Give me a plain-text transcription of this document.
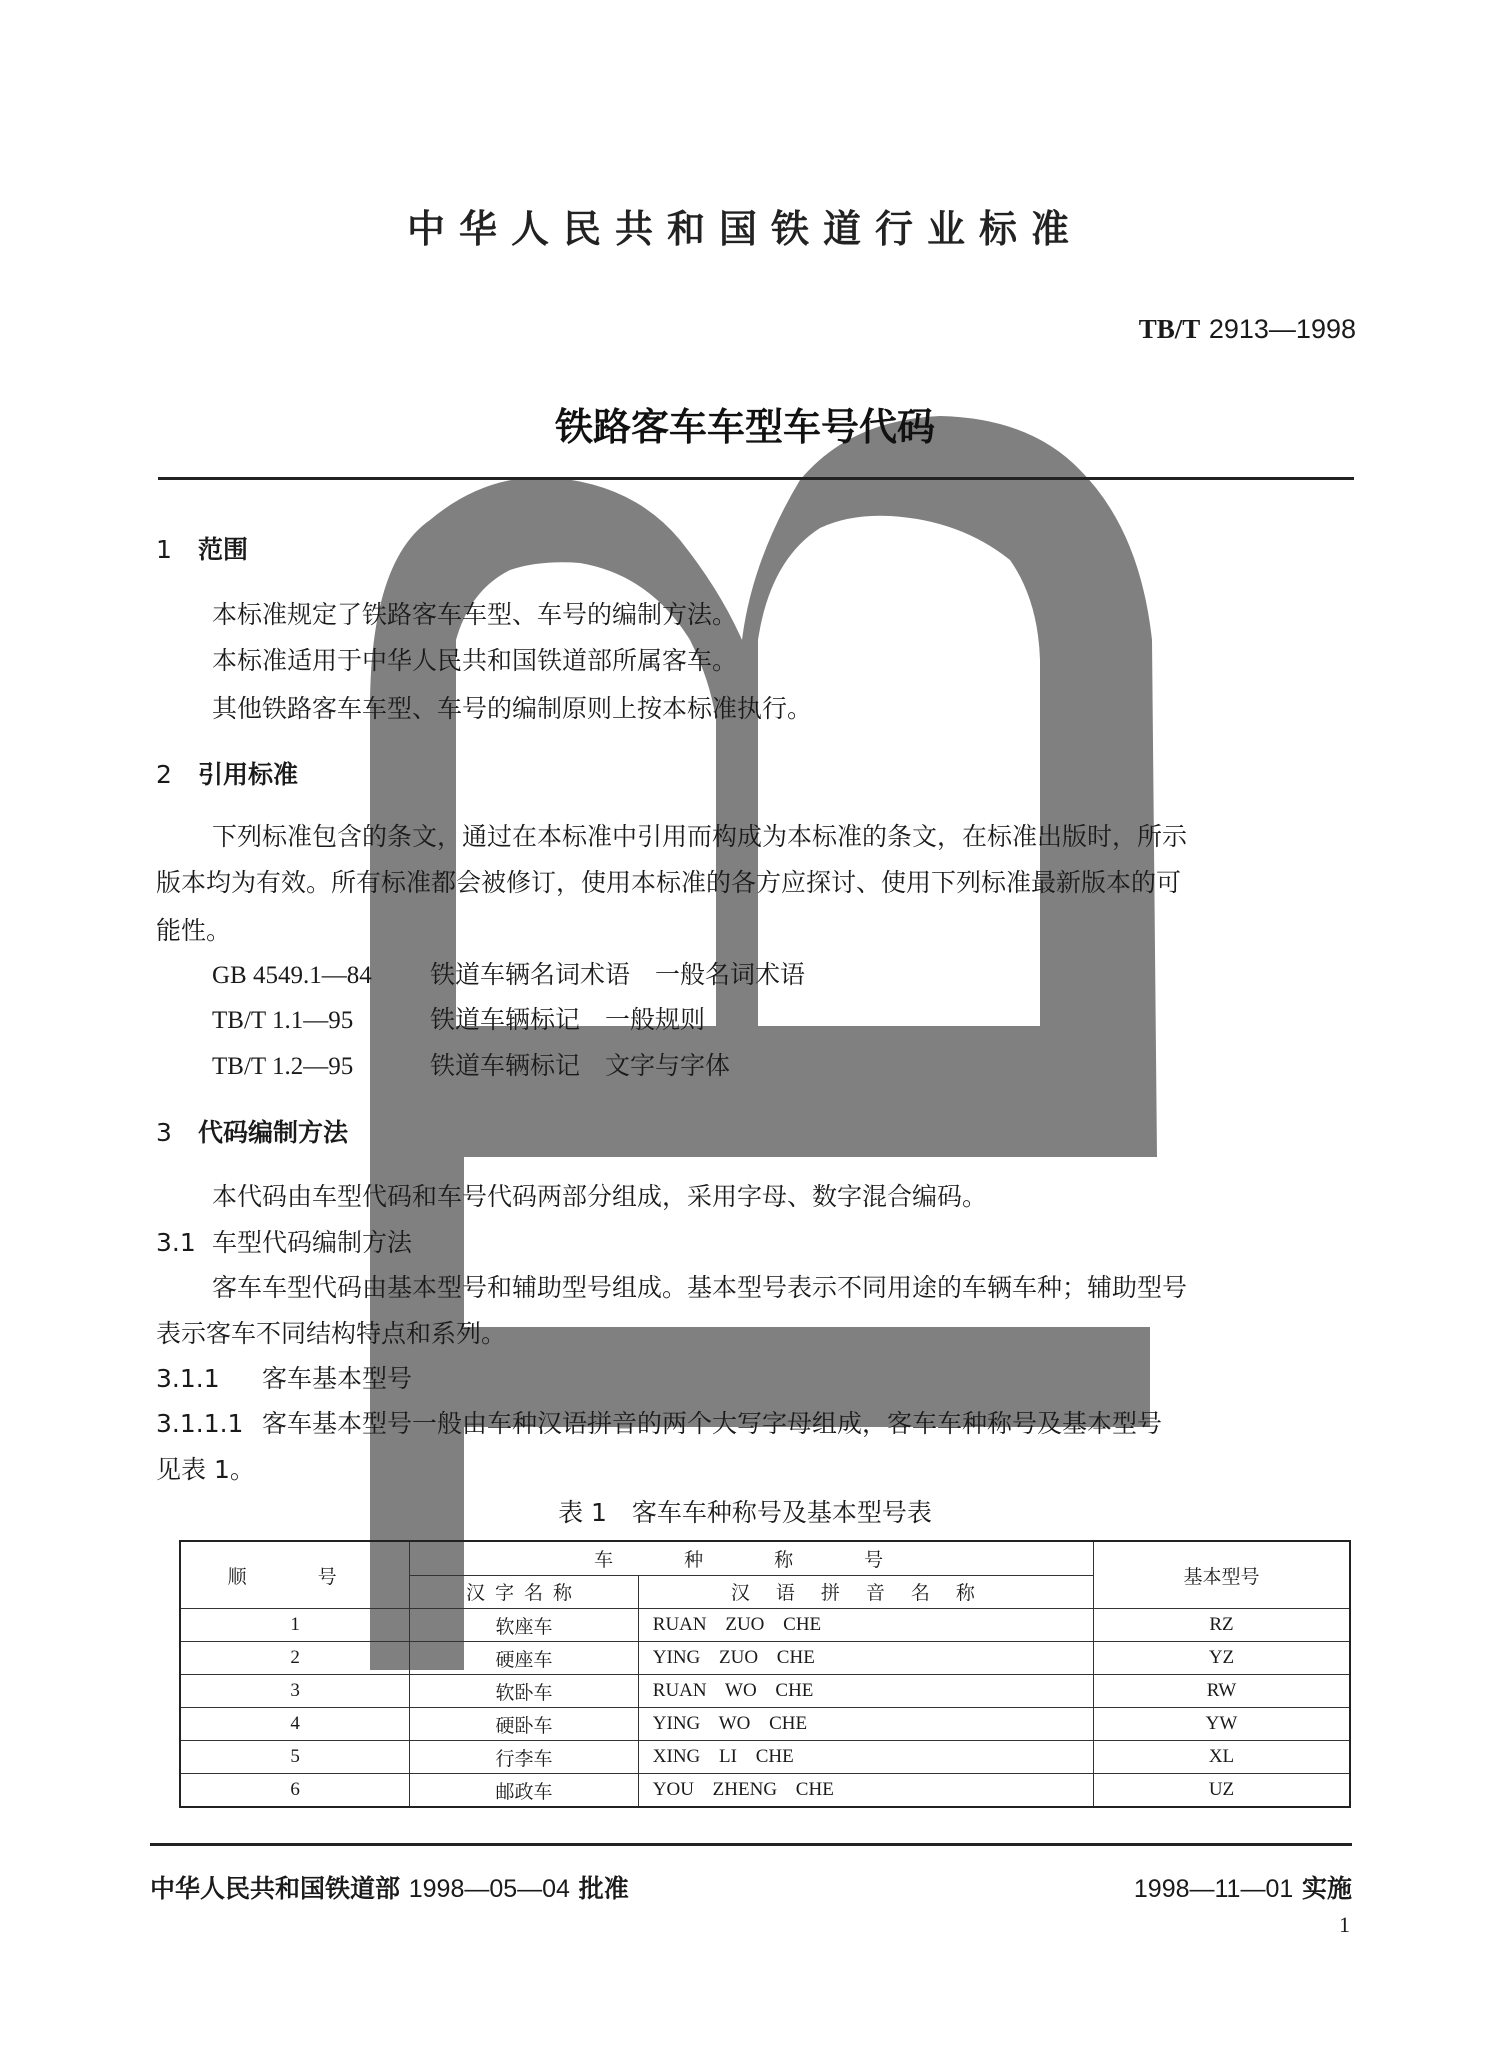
中华人民共和国铁道行业标准
TB/T 2913—1998
铁路客车车型车号代码
1 范围
本标准规定了铁路客车车型、车号的编制方法。
本标准适用于中华人民共和国铁道部所属客车。
其他铁路客车车型、车号的编制原则上按本标准执行。
2 引用标准
下列标准包含的条文，通过在本标准中引用而构成为本标准的条文，在标准出版时，所示
版本均为有效。所有标准都会被修订，使用本标准的各方应探讨、使用下列标准最新版本的可
能性。
GB 4549.1—84 铁道车辆名词术语　一般名词术语
TB/T 1.1—95	铁道车辆标记　一般规则
TB/T 1.2—95	铁道车辆标记　文字与字体
3 代码编制方法
本代码由车型代码和车号代码两部分组成，采用字母、数字混合编码。
3.1 车型代码编制方法
客车车型代码由基本型号和辅助型号组成。基本型号表示不同用途的车辆车种；辅助型号
表示客车不同结构特点和系列。
3.1.1 客车基本型号
3.1.1.1 客车基本型号一般由车种汉语拼音的两个大写字母组成，客车车种称号及基本型号
见表 1。
表 1　客车车种称号及基本型号表
顺　号	车　种　称　号		基本型号
	汉字名称	汉语拼音名称	
1	软座车	RUAN ZUO CHE	RZ
2	硬座车	YING ZUO CHE	YZ
3	软卧车	RUAN WO CHE	RW
4	硬卧车	YING WO CHE	YW
5	行李车	XING LI CHE	XL
6	邮政车	YOU ZHENG CHE	UZ
中华人民共和国铁道部 1998—05—04 批准	1998—11—01 实施
1
